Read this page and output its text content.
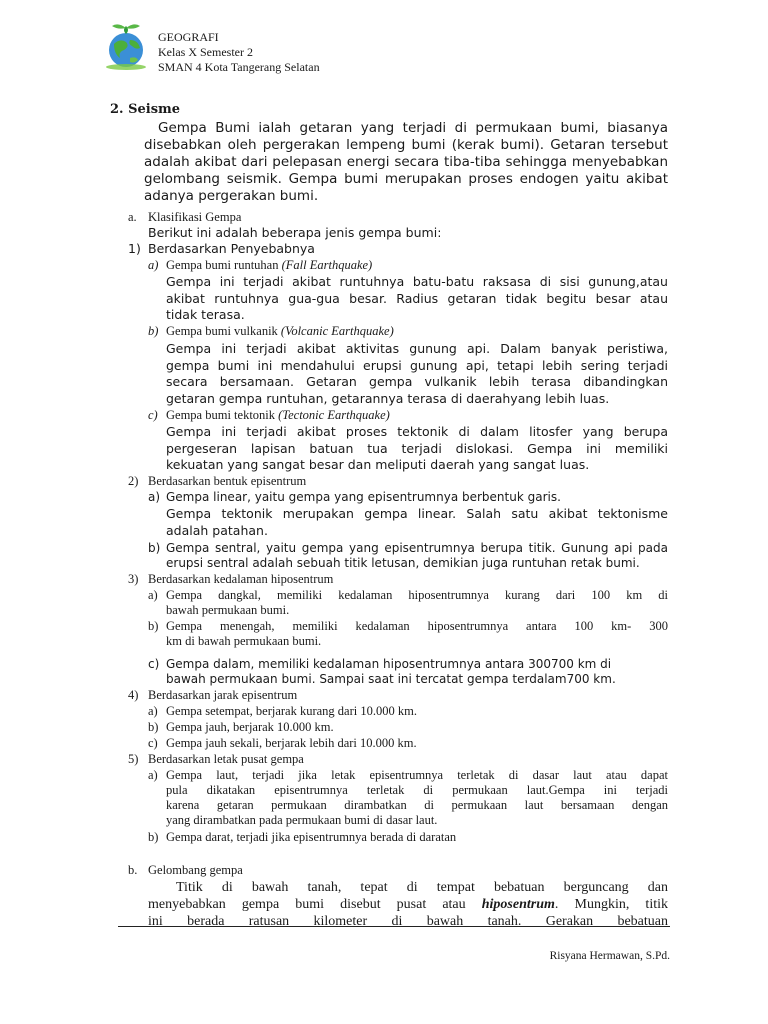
GEOGRAFI
Kelas X Semester 2
SMAN 4 Kota Tangerang Selatan
2. Seisme
Gempa Bumi ialah getaran yang terjadi di permukaan bumi, biasanya
disebabkan oleh pergerakan lempeng bumi (kerak bumi). Getaran tersebut
adalah akibat dari pelepasan energi secara tiba-tiba sehingga menyebabkan
gelombang seismik. Gempa bumi merupakan proses endogen yaitu akibat
adanya pergerakan bumi.
a. Klasifikasi Gempa
Berikut ini adalah beberapa jenis gempa bumi:
1) Berdasarkan Penyebabnya
a) Gempa bumi runtuhan (Fall Earthquake)
Gempa ini terjadi akibat runtuhnya batu-batu raksasa di sisi gunung,atau
akibat runtuhnya gua-gua besar. Radius getaran tidak begitu besar atau
tidak terasa.
b) Gempa bumi vulkanik (Volcanic Earthquake)
Gempa ini terjadi akibat aktivitas gunung api. Dalam banyak peristiwa,
gempa bumi ini mendahului erupsi gunung api, tetapi lebih sering terjadi
secara bersamaan. Getaran gempa vulkanik lebih terasa dibandingkan
getaran gempa runtuhan, getarannya terasa di daerahyang lebih luas.
c) Gempa bumi tektonik (Tectonic Earthquake)
Gempa ini terjadi akibat proses tektonik di dalam litosfer yang berupa
pergeseran lapisan batuan tua terjadi dislokasi. Gempa ini memiliki
kekuatan yang sangat besar dan meliputi daerah yang sangat luas.
2) Berdasarkan bentuk episentrum
a) Gempa linear, yaitu gempa yang episentrumnya berbentuk garis.
Gempa tektonik merupakan gempa linear. Salah satu akibat tektonisme
adalah patahan.
b) Gempa sentral, yaitu gempa yang episentrumnya berupa titik. Gunung api pada
erupsi sentral adalah sebuah titik letusan, demikian juga runtuhan retak bumi.
3) Berdasarkan kedalaman hiposentrum
a) Gempa dangkal, memiliki kedalaman hiposentrumnya kurang dari 100 km di
bawah permukaan bumi.
b) Gempa menengah, memiliki kedalaman hiposentrumnya antara 100 km- 300
km di bawah permukaan bumi.
c) Gempa dalam, memiliki kedalaman hiposentrumnya antara 300700 km di
bawah permukaan bumi. Sampai saat ini tercatat gempa terdalam700 km.
4) Berdasarkan jarak episentrum
a) Gempa setempat, berjarak kurang dari 10.000 km.
b) Gempa jauh, berjarak 10.000 km.
c) Gempa jauh sekali, berjarak lebih dari 10.000 km.
5) Berdasarkan letak pusat gempa
a) Gempa laut, terjadi jika letak episentrumnya terletak di dasar laut atau dapat
pula dikatakan episentrumnya terletak di permukaan laut.Gempa ini terjadi
karena getaran permukaan dirambatkan di permukaan laut bersamaan dengan
yang dirambatkan pada permukaan bumi di dasar laut.
b) Gempa darat, terjadi jika episentrumnya berada di daratan
b. Gelombang gempa
Titik di bawah tanah, tepat di tempat bebatuan berguncang dan
menyebabkan gempa bumi disebut pusat atau hiposentrum. Mungkin, titik
ini berada ratusan kilometer di bawah tanah. Gerakan bebatuan
Risyana Hermawan, S.Pd.
